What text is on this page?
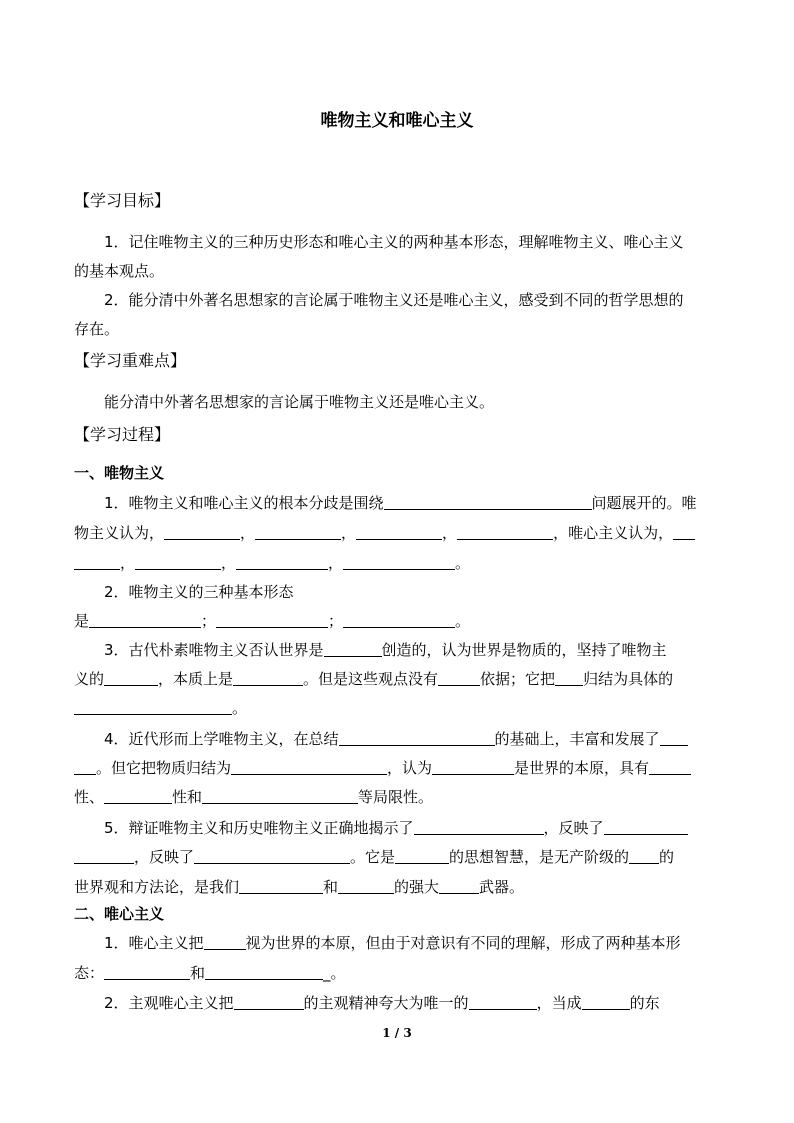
唯物主义和唯心主义
【学习目标】
1．记住唯物主义的三种历史形态和唯心主义的两种基本形态，理解唯物主义、唯心主义
的基本观点。
2．能分清中外著名思想家的言论属于唯物主义还是唯心主义，感受到不同的哲学思想的
存在。
【学习重难点】
能分清中外著名思想家的言论属于唯物主义还是唯心主义。
【学习过程】
一、唯物主义
1．唯物主义和唯心主义的根本分歧是围绕	问题展开的。唯
物主义认为，	，	，	，	，唯心主义认为，
，	，	，	。
2．唯物主义的三种基本形态
是	；	；	。
3．古代朴素唯物主义否认世界是	创造的，认为世界是物质的，坚持了唯物主
义的	，本质上是	。但是这些观点没有	依据；它把 归结为具体的
。
4．近代形而上学唯物主义，在总结	的基础上，丰富和发展了
。但它把物质归结为	，认为	是世界的本原，具有
性、	性和	等局限性。
5．辩证唯物主义和历史唯物主义正确地揭示了	，反映了
，反映了	。它是	的思想智慧，是无产阶级的 的
世界观和方法论，是我们	和	的强大	武器。
二、唯心主义
1．唯心主义把	视为世界的本原，但由于对意识有不同的理解，形成了两种基本形
态：	和	_。
2．主观唯心主义把	的主观精神夸大为唯一的	，当成	的东
1 / 3
